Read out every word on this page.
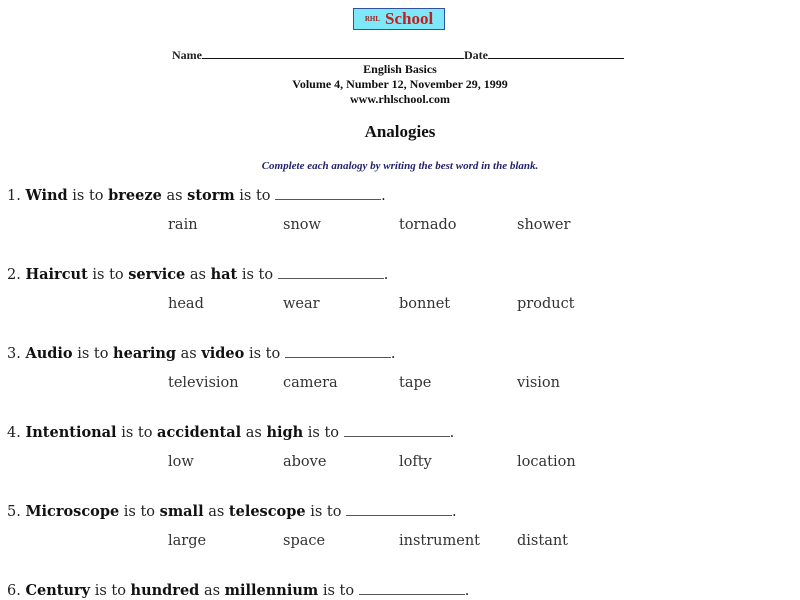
RHL School
Name	Date
English Basics
Volume 4, Number 12, November 29, 1999
www.rhlschool.com
Analogies
Complete each analogy by writing the best word in the blank.
1. Wind is to breeze as storm is to	.
rain	snow	tornado	shower
2. Haircut is to service as hat is to	.
head	wear	bonnet	product
3. Audio is to hearing as video is to	.
television	camera	tape	vision
4. Intentional is to accidental as high is to	.
low	above	lofty	location
5. Microscope is to small as telescope is to	.
large	space	instrument	distant
6. Century is to hundred as millennium is to	.
